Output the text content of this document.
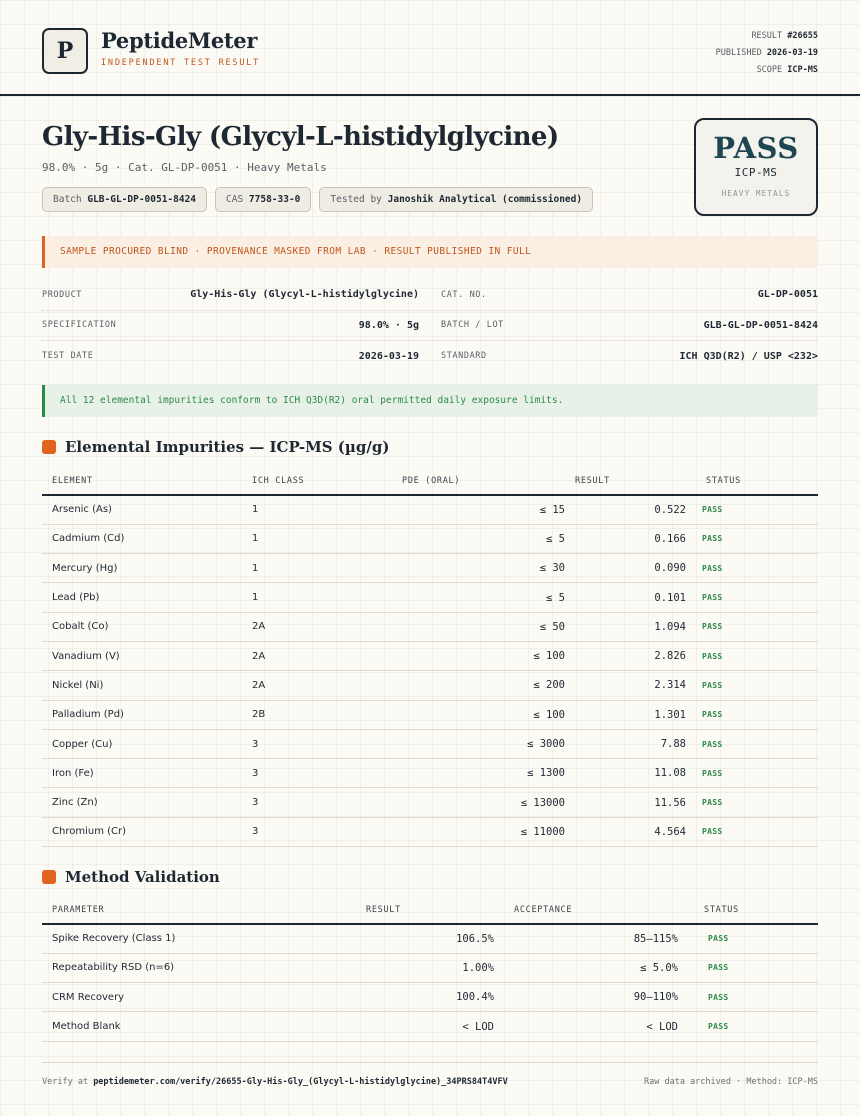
P PeptideMeter
INDEPENDENT TEST RESULT
RESULT #26655
PUBLISHED 2026-03-19
SCOPE ICP-MS
Gly-His-Gly (Glycyl-L-histidylglycine)
98.0% · 5g · Cat. GL-DP-0051 · Heavy Metals
Batch GLB-GL-DP-0051-8424	CAS 7758-33-0	Tested by Janoshik Analytical (commissioned)
PASS
ICP-MS
HEAVY METALS
SAMPLE PROCURED BLIND · PROVENANCE MASKED FROM LAB · RESULT PUBLISHED IN FULL
PRODUCT	Gly-His-Gly (Glycyl-L-histidylglycine)	CAT. NO.	GL-DP-0051
SPECIFICATION	98.0% · 5g	BATCH / LOT	GLB-GL-DP-0051-8424
TEST DATE	2026-03-19	STANDARD	ICH Q3D(R2) / USP <232>
All 12 elemental impurities conform to ICH Q3D(R2) oral permitted daily exposure limits.
Elemental Impurities — ICP-MS (µg/g)
ELEMENT	ICH CLASS	PDE (ORAL)	RESULT	STATUS
Arsenic (As)	1	≤ 15	0.522	PASS
Cadmium (Cd)	1	≤ 5	0.166	PASS
Mercury (Hg)	1	≤ 30	0.090	PASS
Lead (Pb)	1	≤ 5	0.101	PASS
Cobalt (Co)	2A	≤ 50	1.094	PASS
Vanadium (V)	2A	≤ 100	2.826	PASS
Nickel (Ni)	2A	≤ 200	2.314	PASS
Palladium (Pd)	2B	≤ 100	1.301	PASS
Copper (Cu)	3	≤ 3000	7.88	PASS
Iron (Fe)	3	≤ 1300	11.08	PASS
Zinc (Zn)	3	≤ 13000	11.56	PASS
Chromium (Cr)	3	≤ 11000	4.564	PASS
Method Validation
PARAMETER	RESULT	ACCEPTANCE	STATUS
Spike Recovery (Class 1)	106.5%	85–115%	PASS
Repeatability RSD (n=6)	1.00%	≤ 5.0%	PASS
CRM Recovery	100.4%	90–110%	PASS
Method Blank	< LOD	< LOD	PASS
Verify at peptidemeter.com/verify/26655-Gly-His-Gly_(Glycyl-L-histidylglycine)_34PRS84T4VFV	Raw data archived · Method: ICP-MS
